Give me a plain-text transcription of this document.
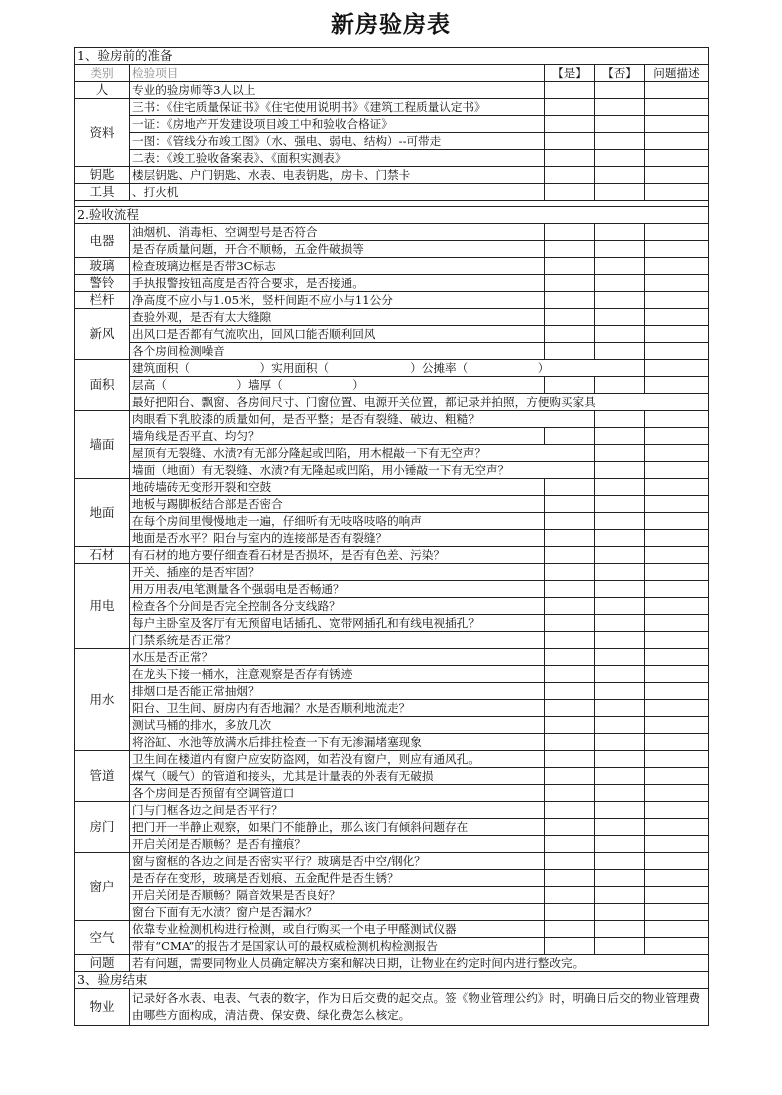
新房验房表
1、验房前的准备				
类别	检验项目	【是】	【否】	问题描述
人	专业的验房师等3人以上			
资料	三书：《住宅质量保证书》《住宅使用说明书》《建筑工程质量认定书》			
	一证：《房地产开发建设项目竣工中和验收合格证》			
	一图：《管线分布竣工图》（水、强电、弱电、结构）--可带走			
	二表：《竣工验收备案表》、《面积实测表》			
钥匙	楼层钥匙、户门钥匙、水表、电表钥匙，房卡、门禁卡			
工具	、打火机			

2.验收流程				
电器	油烟机、消毒柜、空调型号是否符合			
	是否存质量问题，开合不顺畅，五金件破损等			
玻璃	检查玻璃边框是否带3C标志			
警铃	手执报警按钮高度是否符合要求，是否接通。			
栏杆	净高度不应小与1.05米，竖杆间距不应小与11公分			
新风	查验外观，是否有太大缝隙			
	出风口是否都有气流吹出，回风口能否顺利回风			
	各个房间检测噪音			
面积	建筑面积（　　　　　　）实用面积（　　　　　　　）公摊率（　　　　　　）			
	层高（　　　　　　）墙厚（　　　　　　）			
	最好把阳台、飘窗、各房间尺寸、门窗位置、电源开关位置，都记录并拍照，方便购买家具			
墙面	肉眼看下乳胶漆的质量如何，是否平整；是否有裂缝、破边、粗糙？			
	墙角线是否平直、均匀？			
	屋顶有无裂缝、水渍?有无部分隆起或凹陷，用木棍敲一下有无空声？			
	墙面（地面）有无裂缝、水渍?有无隆起或凹陷，用小锤敲一下有无空声？			
地面	地砖墙砖无变形开裂和空鼓			
	地板与踢脚板结合部是否密合			
	在每个房间里慢慢地走一遍，仔细听有无吱咯吱咯的响声			
	地面是否水平？阳台与室内的连接部是否有裂缝？			
石材	有石材的地方要仔细查看石材是否损坏，是否有色差、污染？			
用电	开关、插座的是否牢固？			
	用万用表/电笔测量各个强弱电是否畅通？			
	检查各个分间是否完全控制各分支线路？			
	每户主卧室及客厅有无预留电话插孔、宽带网插孔和有线电视插孔？			
	门禁系统是否正常？			
用水	水压是否正常？			
	在龙头下接一桶水，注意观察是否存有锈迹			
	排烟口是否能正常抽烟？			
	阳台、卫生间、厨房内有否地漏？水是否顺利地流走？			
	测试马桶的排水，多放几次			
	将浴缸、水池等放满水后排拄检查一下有无渗漏堵塞现象			
管道	卫生间在楼道内有窗户应安防盗网，如若没有窗户，则应有通风孔。			
	煤气（暖气）的管道和接头，尤其是计量表的外表有无破损			
	各个房间是否预留有空调管道口			
房门	门与门框各边之间是否平行？			
	把门开一半静止观察，如果门不能静止，那么该门有倾斜问题存在			
	开启关闭是否顺畅？是否有撞痕？			
窗户	窗与窗框的各边之间是否密实平行？玻璃是否中空/钢化？			
	是否存在变形，玻璃是否划痕、五金配件是否生锈？			
	开启关闭是否顺畅？隔音效果是否良好？			
	窗台下面有无水渍？窗户是否漏水？			
空气	依靠专业检测机构进行检测，或自行购买一个电子甲醛测试仪器			
	带有“CMA”的报告才是国家认可的最权威检测机构检测报告			
问题	若有问题，需要同物业人员确定解决方案和解决日期，让物业在约定时间内进行整改完。			
3、验房结束				
物业	记录好各水表、电表、气表的数字，作为日后交费的起交点。签《物业管理公约》时，明确日后交的物业管理费由哪些方面构成，清洁费、保安费、绿化费怎么核定。			
